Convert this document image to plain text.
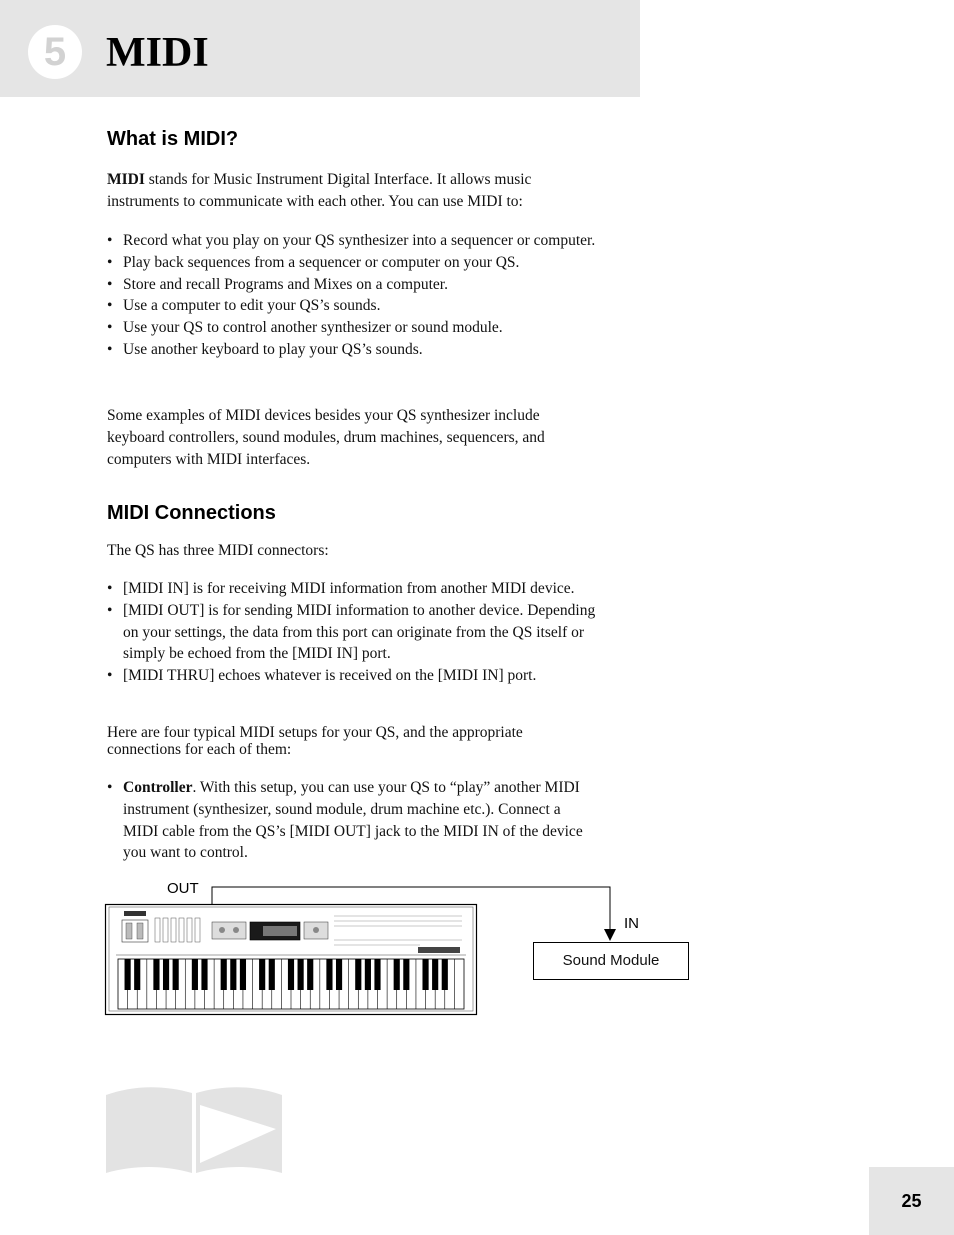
5 MIDI
What is MIDI?

MIDI stands for Music Instrument Digital Interface. It allows music instruments to communicate with each other. You can use MIDI to:

• Record what you play on your QS synthesizer into a sequencer or computer.
• Play back sequences from a sequencer or computer on your QS.
• Store and recall Programs and Mixes on a computer.
• Use a computer to edit your QS’s sounds.
• Use your QS to control another synthesizer or sound module.
• Use another keyboard to play your QS’s sounds.

Some examples of MIDI devices besides your QS synthesizer include keyboard controllers, sound modules, drum machines, sequencers, and computers with MIDI interfaces.

MIDI Connections

The QS has three MIDI connectors:

• [MIDI IN] is for receiving MIDI information from another MIDI device.
• [MIDI OUT] is for sending MIDI information to another device. Depending on your settings, the data from this port can originate from the QS itself or simply be echoed from the [MIDI IN] port.
• [MIDI THRU] echoes whatever is received on the [MIDI IN] port.

Here are four typical MIDI setups for your QS, and the appropriate connections for each of them:

• Controller. With this setup, you can use your QS to “play” another MIDI instrument (synthesizer, sound module, drum machine etc.). Connect a MIDI cable from the QS’s [MIDI OUT] jack to the MIDI IN of the device you want to control.
OUT
IN
Sound Module
25
